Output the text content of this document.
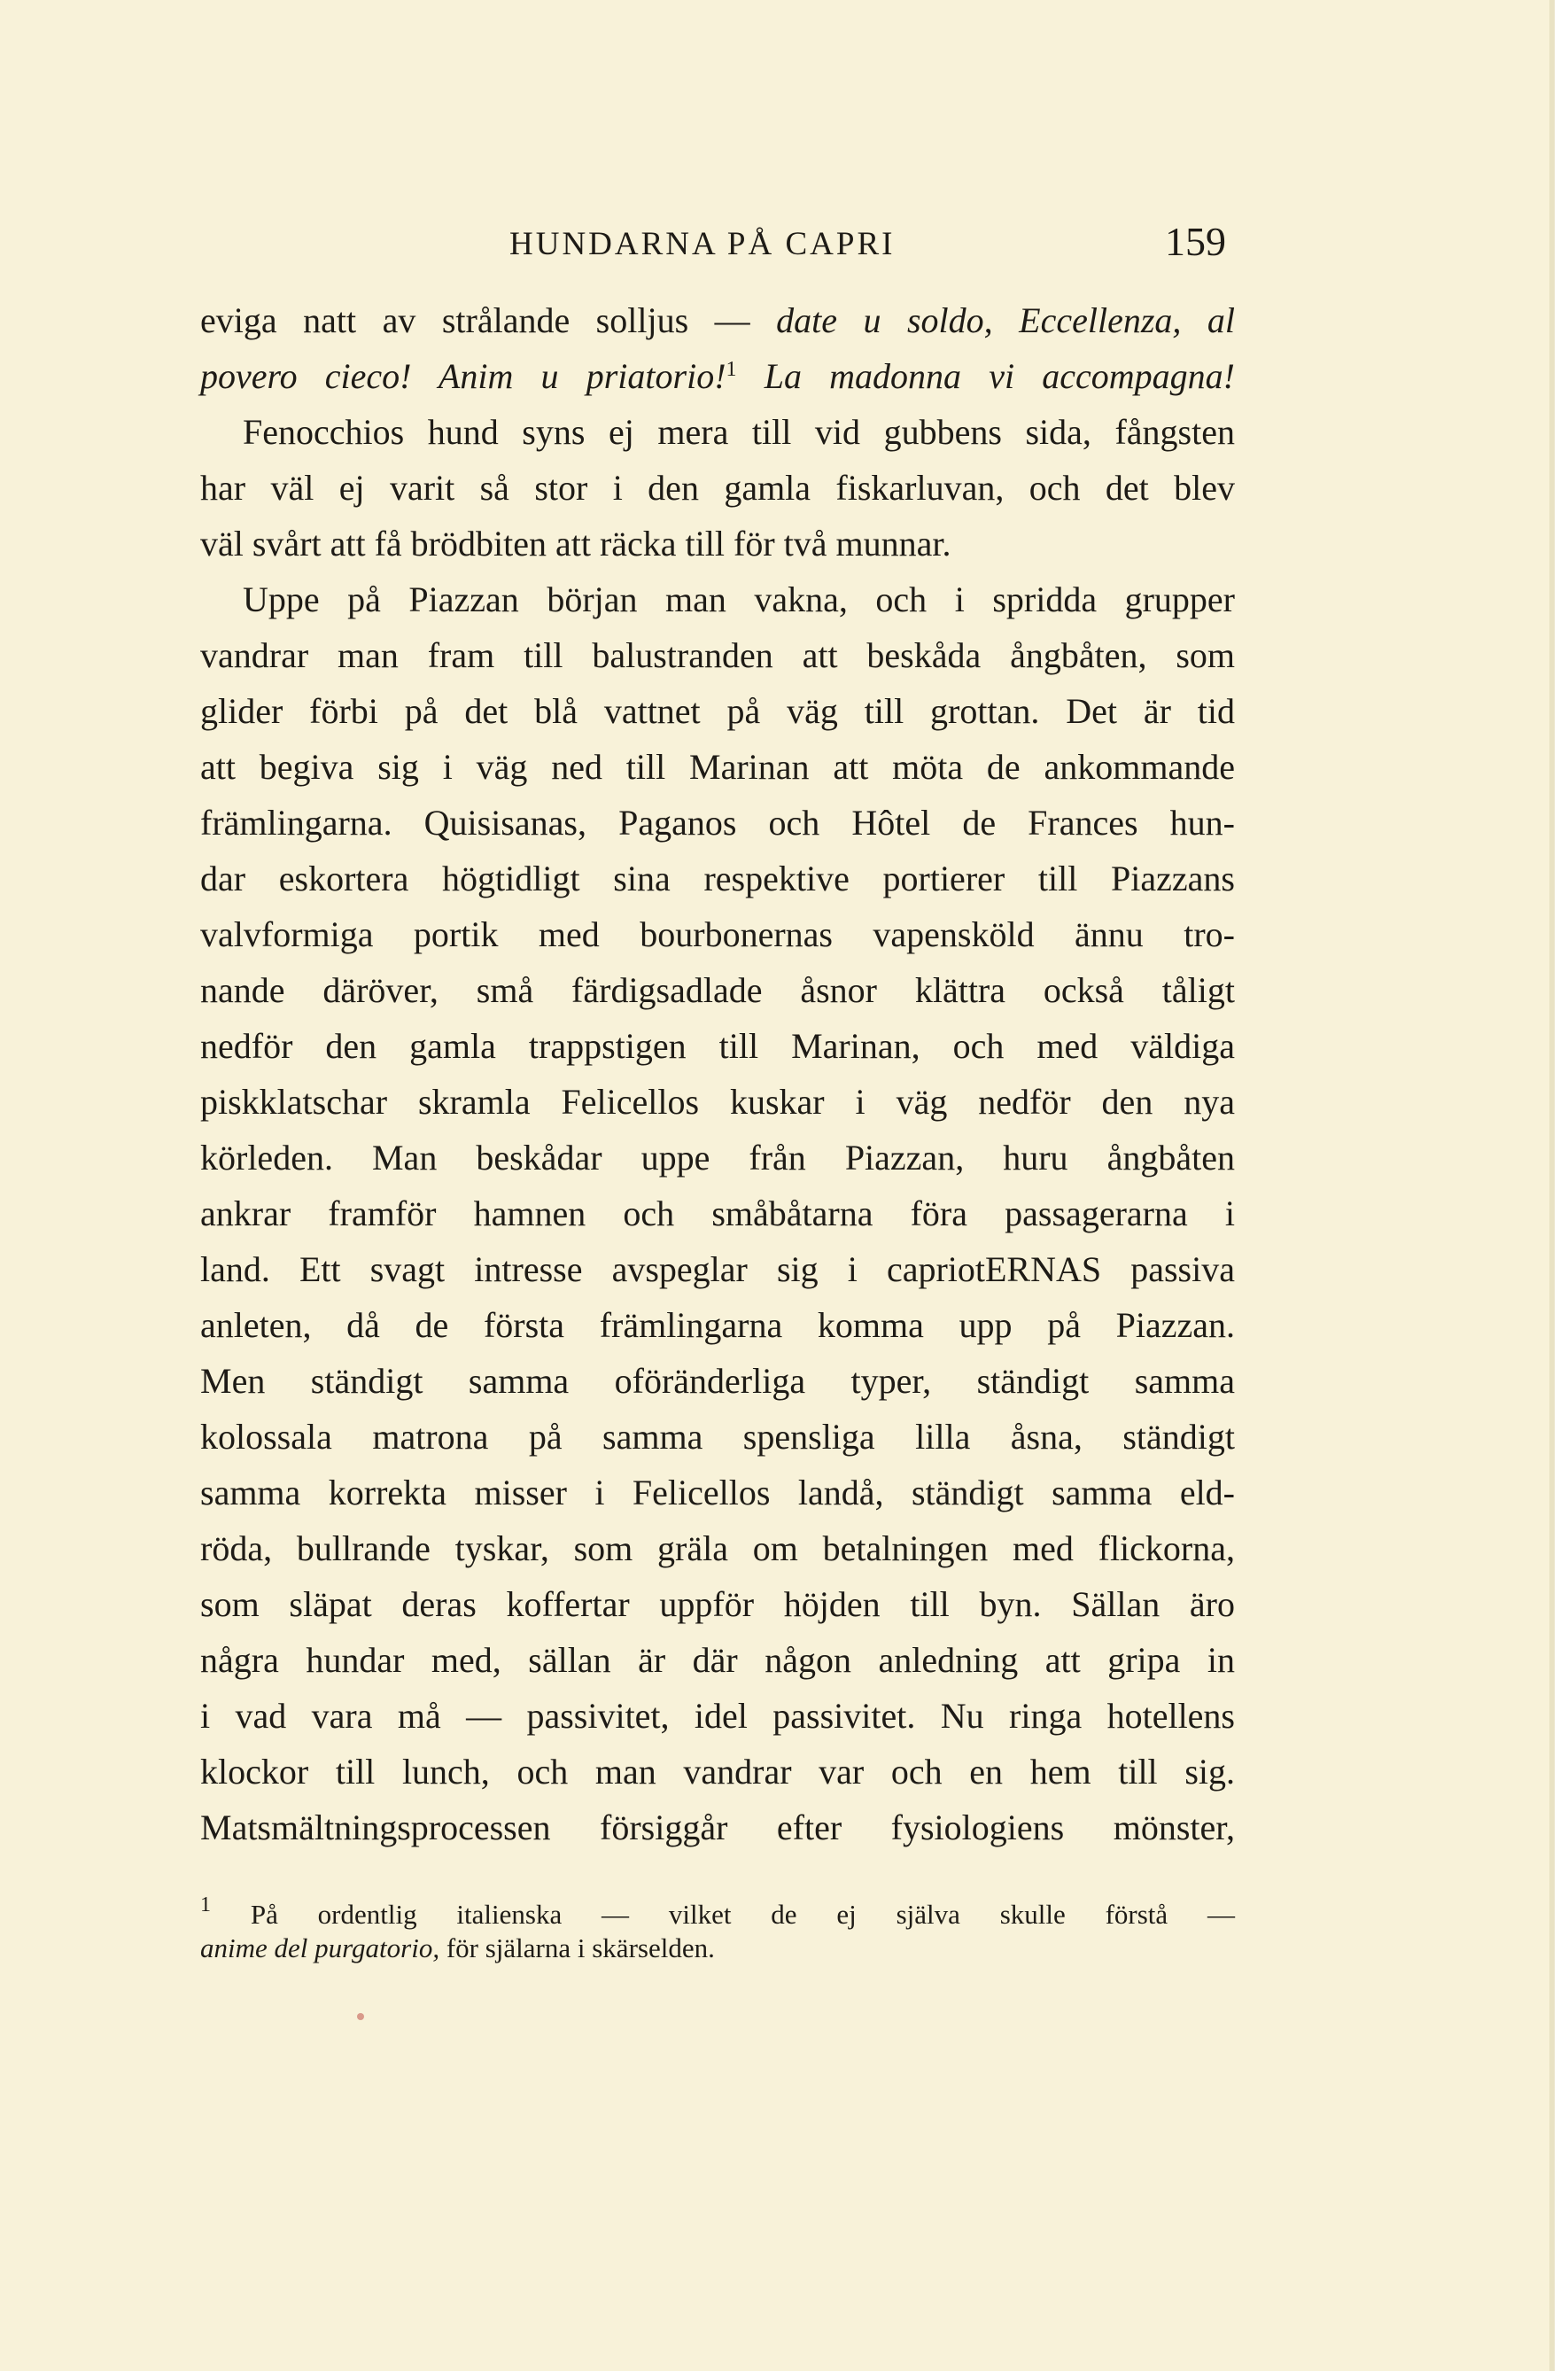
HUNDARNA PÅ CAPRI	159
eviga natt av strålande solljus — date u soldo, Eccellenza, al
povero cieco! Anim u priatorio!$^1$ La madonna vi accompagna!
Fenocchios hund syns ej mera till vid gubbens sida, fångsten
har väl ej varit så stor i den gamla fiskarluvan, och det blev
väl svårt att få brödbiten att räcka till för två munnar.
Uppe på Piazzan början man vakna, och i spridda grupper
vandrar man fram till balustranden att beskåda ångbåten, som
glider förbi på det blå vattnet på väg till grottan. Det är tid
att begiva sig i väg ned till Marinan att möta de ankommande
främlingarna. Quisisanas, Paganos och Hôtel de Frances hun-
dar eskortera högtidligt sina respektive portierer till Piazzans
valvformiga portik med bourbonernas vapensköld ännu tro-
nande däröver, små färdigsadlade åsnor klättra också tåligt
nedför den gamla trappstigen till Marinan, och med väldiga
piskklatschar skramla Felicellos kuskar i väg nedför den nya
körleden. Man beskådar uppe från Piazzan, huru ångbåten
ankrar framför hamnen och småbåtarna föra passagerarna i
land. Ett svagt intresse avspeglar sig i capriotERNAS passiva
anleten, då de första främlingarna komma upp på Piazzan.
Men ständigt samma oföränderliga typer, ständigt samma
kolossala matrona på samma spensliga lilla åsna, ständigt
samma korrekta misser i Felicellos landå, ständigt samma eld-
röda, bullrande tyskar, som gräla om betalningen med flickorna,
som släpat deras koffertar uppför höjden till byn. Sällan äro
några hundar med, sällan är där någon anledning att gripa in
i vad vara må — passivitet, idel passivitet. Nu ringa hotellens
klockor till lunch, och man vandrar var och en hem till sig.
Matsmältningsprocessen försiggår efter fysiologiens mönster,
$^1$ På ordentlig italienska — vilket de ej själva skulle förstå —
anime del purgatorio, för själarna i skärselden.
